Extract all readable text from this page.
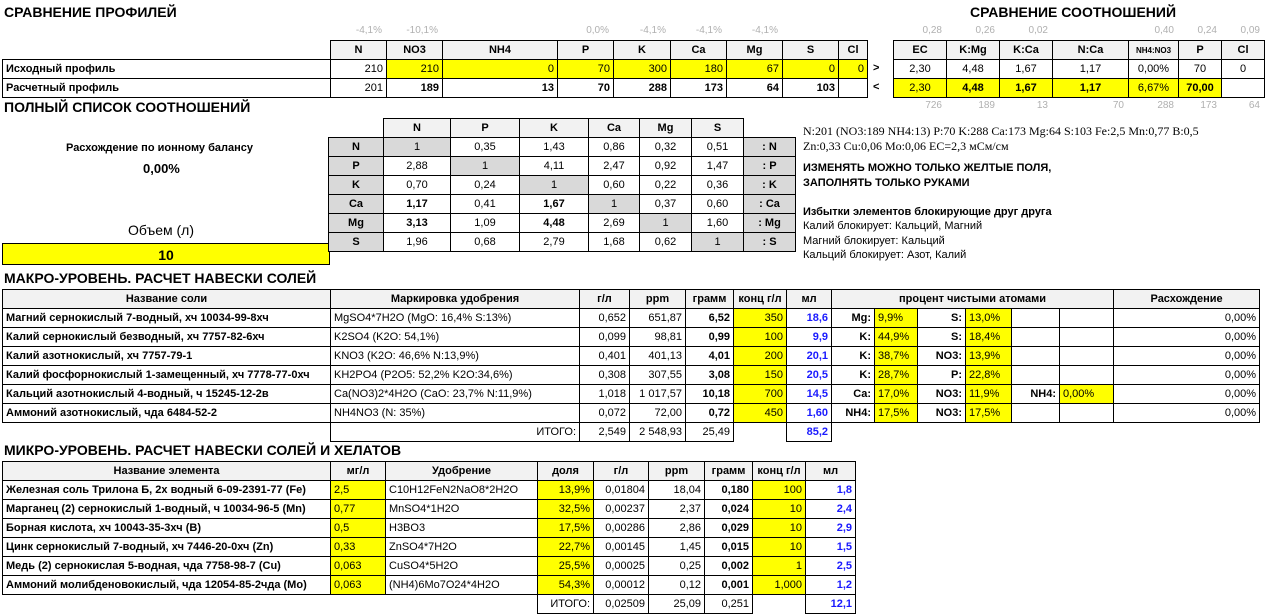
СРАВНЕНИЕ ПРОФИЛЕЙ	СРАВНЕНИЕ СООТНОШЕНИЙ
-4,1%	-10,1%	0,0%	-4,1%	-4,1%	-4,1%
	N	NO3	NH4	P	K	Ca	Mg	S	Cl
Исходный профиль	210	210	0	70	300	180	67	0	0
Расчетный профиль	201	189	13	70	288	173	64	103	
0,28	0,26	0,02	0,40	0,24	0,09
>
<
EC	K:Mg	K:Ca	N:Ca	NH4:NO3	P	Cl
2,30	4,48	1,67	1,17	0,00%	70	0
2,30	4,48	1,67	1,17	6,67%	70,00	
726	189	13	70	288	173	64
ПОЛНЫЙ СПИСОК СООТНОШЕНИЙ
Расхождение по ионному балансу
0,00%
Объем (л)
10
	N	P	K	Ca	Mg	S	
N	1	0,35	1,43	0,86	0,32	0,51	: N
P	2,88	1	4,11	2,47	0,92	1,47	: P
K	0,70	0,24	1	0,60	0,22	0,36	: K
Ca	1,17	0,41	1,67	1	0,37	0,60	: Ca
Mg	3,13	1,09	4,48	2,69	1	1,60	: Mg
S	1,96	0,68	2,79	1,68	0,62	1	: S
N:201 (NO3:189 NH4:13) P:70 K:288 Ca:173 Mg:64 S:103 Fe:2,5 Mn:0,77 B:0,5
Zn:0,33 Cu:0,06 Mo:0,06 EC=2,3 мСм/см
ИЗМЕНЯТЬ МОЖНО ТОЛЬКО ЖЕЛТЫЕ ПОЛЯ,
ЗАПОЛНЯТЬ ТОЛЬКО РУКАМИ
Избытки элементов блокирующие друг друга
Калий блокирует: Кальций, Магний
Магний блокирует: Кальций
Кальций блокирует: Азот, Калий
МАКРО-УРОВЕНЬ. РАСЧЕТ НАВЕСКИ СОЛЕЙ
Название соли	Маркировка удобрения	г/л	ppm	грамм	конц г/л	мл	процент чистыми атомами						Расхождение
Магний сернокислый 7-водный, хч 10034-99-8хч	MgSO4*7H2O (MgO: 16,4% S:13%)	0,652	651,87	6,52	350	18,6	Mg:	9,9%	S:	13,0%			0,00%
Калий сернокислый безводный, хч 7757-82-6хч	K2SO4 (K2O: 54,1%)	0,099	98,81	0,99	100	9,9	K:	44,9%	S:	18,4%			0,00%
Калий азотнокислый, хч 7757-79-1	KNO3 (K2O: 46,6% N:13,9%)	0,401	401,13	4,01	200	20,1	K:	38,7%	NO3:	13,9%			0,00%
Калий фосфорнокислый 1-замещенный, хч 7778-77-0хч	KH2PO4 (P2O5: 52,2% K2O:34,6%)	0,308	307,55	3,08	150	20,5	K:	28,7%	P:	22,8%			0,00%
Кальций азотнокислый 4-водный, ч 15245-12-2в	Ca(NO3)2*4H2O (CaO: 23,7% N:11,9%)	1,018	1 017,57	10,18	700	14,5	Ca:	17,0%	NO3:	11,9%	NH4:	0,00%	0,00%
Аммоний азотнокислый, чда 6484-52-2	NH4NO3 (N: 35%)	0,072	72,00	0,72	450	1,60	NH4:	17,5%	NO3:	17,5%			0,00%
	ИТОГО:	2,549	2 548,93	25,49		85,2							
МИКРО-УРОВЕНЬ. РАСЧЕТ НАВЕСКИ СОЛЕЙ И ХЕЛАТОВ
Название элемента	мг/л	Удобрение	доля	г/л	ppm	грамм	конц г/л	мл
Железная соль Трилона Б, 2х водный 6-09-2391-77 (Fe)	2,5	C10H12FeN2NaO8*2H2O	13,9%	0,01804	18,04	0,180	100	1,8
Марганец (2) сернокислый 1-водный, ч 10034-96-5 (Mn)	0,77	MnSO4*1H2O	32,5%	0,00237	2,37	0,024	10	2,4
Борная кислота, хч 10043-35-3хч (B)	0,5	H3BO3	17,5%	0,00286	2,86	0,029	10	2,9
Цинк сернокислый 7-водный, хч 7446-20-0хч (Zn)	0,33	ZnSO4*7H2O	22,7%	0,00145	1,45	0,015	10	1,5
Медь (2) сернокислая 5-водная, чда 7758-98-7 (Cu)	0,063	CuSO4*5H2O	25,5%	0,00025	0,25	0,002	1	2,5
Аммоний молибденовокислый, чда 12054-85-2чда (Mo)	0,063	(NH4)6Mo7O24*4H2O	54,3%	0,00012	0,12	0,001	1,000	1,2
			ИТОГО:	0,02509	25,09	0,251		12,1
